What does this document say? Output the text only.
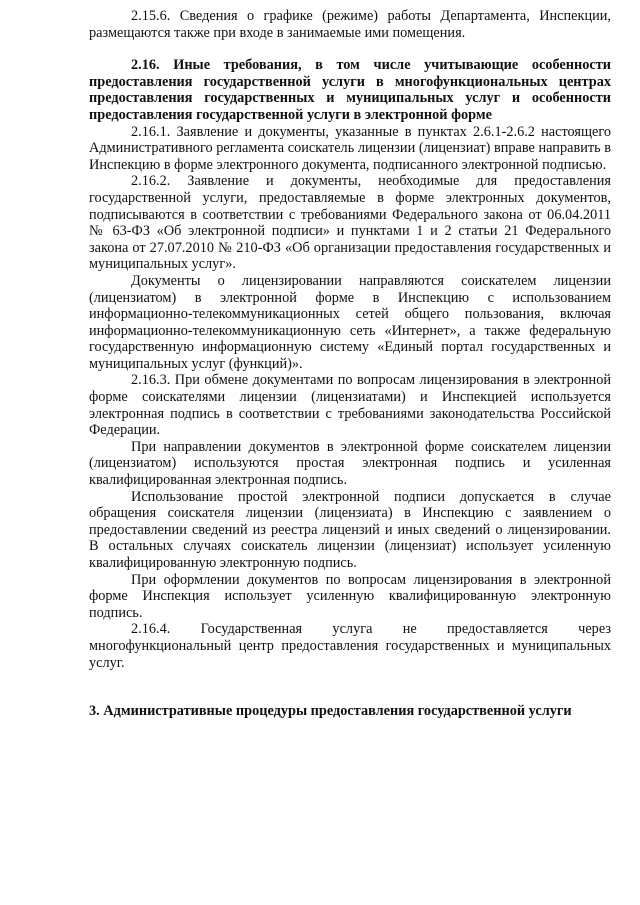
2.15.6. Сведения о графике (режиме) работы Департамента, Инспекции, размещаются также при входе в занимаемые ими помещения.

2.16. Иные требования, в том числе учитывающие особенности предоставления государственной услуги в многофункциональных центрах предоставления государственных и муниципальных услуг и особенности предоставления государственной услуги в электронной форме

2.16.1. Заявление и документы, указанные в пунктах 2.6.1-2.6.2 настоящего Административного регламента соискатель лицензии (лицензиат) вправе направить в Инспекцию в форме электронного документа, подписанного электронной подписью.

2.16.2. Заявление и документы, необходимые для предоставления государственной услуги, предоставляемые в форме электронных документов, подписываются в соответствии с требованиями Федерального закона от 06.04.2011 № 63-ФЗ «Об электронной подписи» и пунктами 1 и 2 статьи 21 Федерального закона от 27.07.2010 № 210-ФЗ «Об организации предоставления государственных и муниципальных услуг».

Документы о лицензировании направляются соискателем лицензии (лицензиатом) в электронной форме в Инспекцию с использованием информационно-телекоммуникационных сетей общего пользования, включая информационно-телекоммуникационную сеть «Интернет», а также федеральную государственную информационную систему «Единый портал государственных и муниципальных услуг (функций)».

2.16.3. При обмене документами по вопросам лицензирования в электронной форме соискателями лицензии (лицензиатами) и Инспекцией используется электронная подпись в соответствии с требованиями законодательства Российской Федерации.

При направлении документов в электронной форме соискателем лицензии (лицензиатом) используются простая электронная подпись и усиленная квалифицированная электронная подпись.

Использование простой электронной подписи допускается в случае обращения соискателя лицензии (лицензиата) в Инспекцию с заявлением о предоставлении сведений из реестра лицензий и иных сведений о лицензировании. В остальных случаях соискатель лицензии (лицензиат) использует усиленную квалифицированную электронную подпись.

При оформлении документов по вопросам лицензирования в электронной форме Инспекция использует усиленную квалифицированную электронную подпись.

2.16.4. Государственная услуга не предоставляется через многофункциональный центр предоставления государственных и муниципальных услуг.

3. Административные процедуры предоставления государственной услуги
